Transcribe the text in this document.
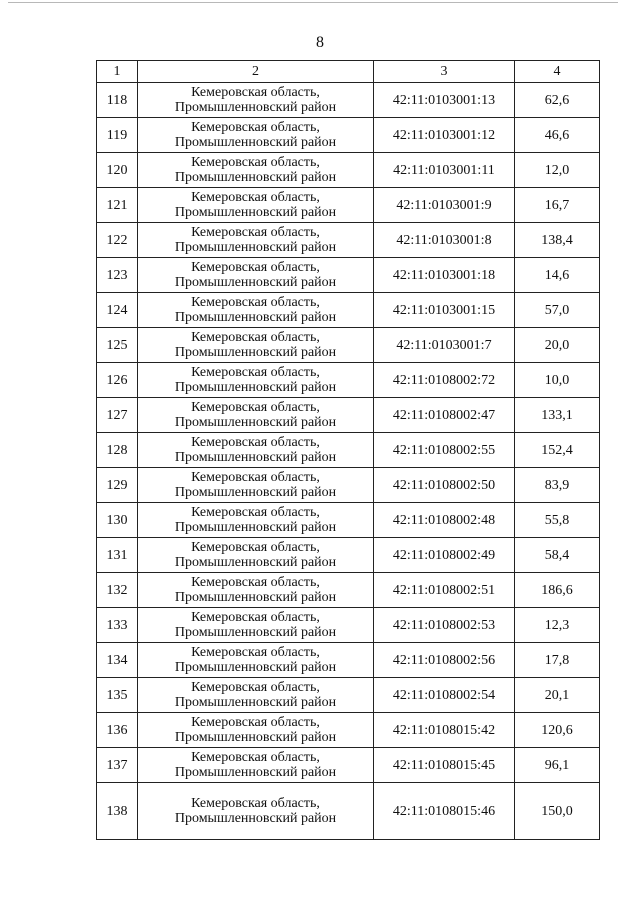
8
1	2	3	4
118	Кемеровская область,
Промышленновский район	42:11:0103001:13	62,6
119	Кемеровская область,
Промышленновский район	42:11:0103001:12	46,6
120	Кемеровская область,
Промышленновский район	42:11:0103001:11	12,0
121	Кемеровская область,
Промышленновский район	42:11:0103001:9	16,7
122	Кемеровская область,
Промышленновский район	42:11:0103001:8	138,4
123	Кемеровская область,
Промышленновский район	42:11:0103001:18	14,6
124	Кемеровская область,
Промышленновский район	42:11:0103001:15	57,0
125	Кемеровская область,
Промышленновский район	42:11:0103001:7	20,0
126	Кемеровская область,
Промышленновский район	42:11:0108002:72	10,0
127	Кемеровская область,
Промышленновский район	42:11:0108002:47	133,1
128	Кемеровская область,
Промышленновский район	42:11:0108002:55	152,4
129	Кемеровская область,
Промышленновский район	42:11:0108002:50	83,9
130	Кемеровская область,
Промышленновский район	42:11:0108002:48	55,8
131	Кемеровская область,
Промышленновский район	42:11:0108002:49	58,4
132	Кемеровская область,
Промышленновский район	42:11:0108002:51	186,6
133	Кемеровская область,
Промышленновский район	42:11:0108002:53	12,3
134	Кемеровская область,
Промышленновский район	42:11:0108002:56	17,8
135	Кемеровская область,
Промышленновский район	42:11:0108002:54	20,1
136	Кемеровская область,
Промышленновский район	42:11:0108015:42	120,6
137	Кемеровская область,
Промышленновский район	42:11:0108015:45	96,1
138	Кемеровская область,
Промышленновский район	42:11:0108015:46	150,0
